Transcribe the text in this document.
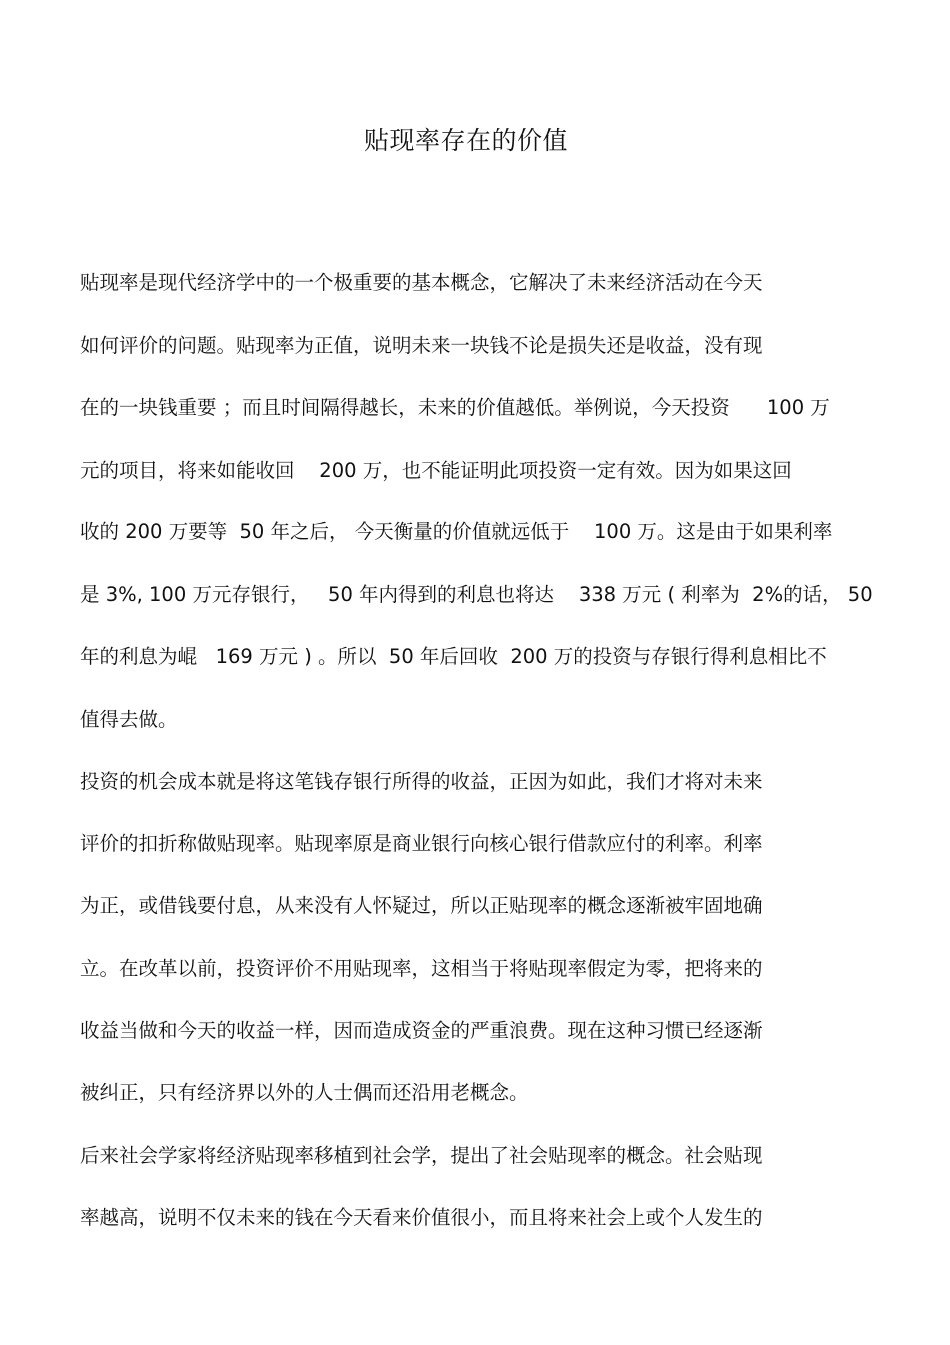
贴现率存在的价值

贴现率是现代经济学中的一个极重要的基本概念，它解决了未来经济活动在今天

如何评价的问题。贴现率为正值，说明未来一块钱不论是损失还是收益，没有现

在的一块钱重要 ；而且时间隔得越长，未来的价值越低。举例说，今天投资      100 万

元的项目，将来如能收回    200 万，也不能证明此项投资一定有效。因为如果这回

收的 200 万要等  50 年之后， 今天衡量的价值就远低于    100 万。这是由于如果利率

是 3%, 100 万元存银行，   50 年内得到的利息也将达    338 万元 ( 利率为  2%的话， 50

年的利息为崐   169 万元 ) 。所以  50 年后回收  200 万的投资与存银行得利息相比不

值得去做。

投资的机会成本就是将这笔钱存银行所得的收益，正因为如此，我们才将对未来

评价的扣折称做贴现率。贴现率原是商业银行向核心银行借款应付的利率。利率

为正，或借钱要付息，从来没有人怀疑过，所以正贴现率的概念逐渐被牢固地确

立。在改革以前，投资评价不用贴现率，这相当于将贴现率假定为零，把将来的

收益当做和今天的收益一样，因而造成资金的严重浪费。现在这种习惯已经逐渐

被纠正，只有经济界以外的人士偶而还沿用老概念。

后来社会学家将经济贴现率移植到社会学，提出了社会贴现率的概念。社会贴现

率越高，说明不仅未来的钱在今天看来价值很小，而且将来社会上或个人发生的
